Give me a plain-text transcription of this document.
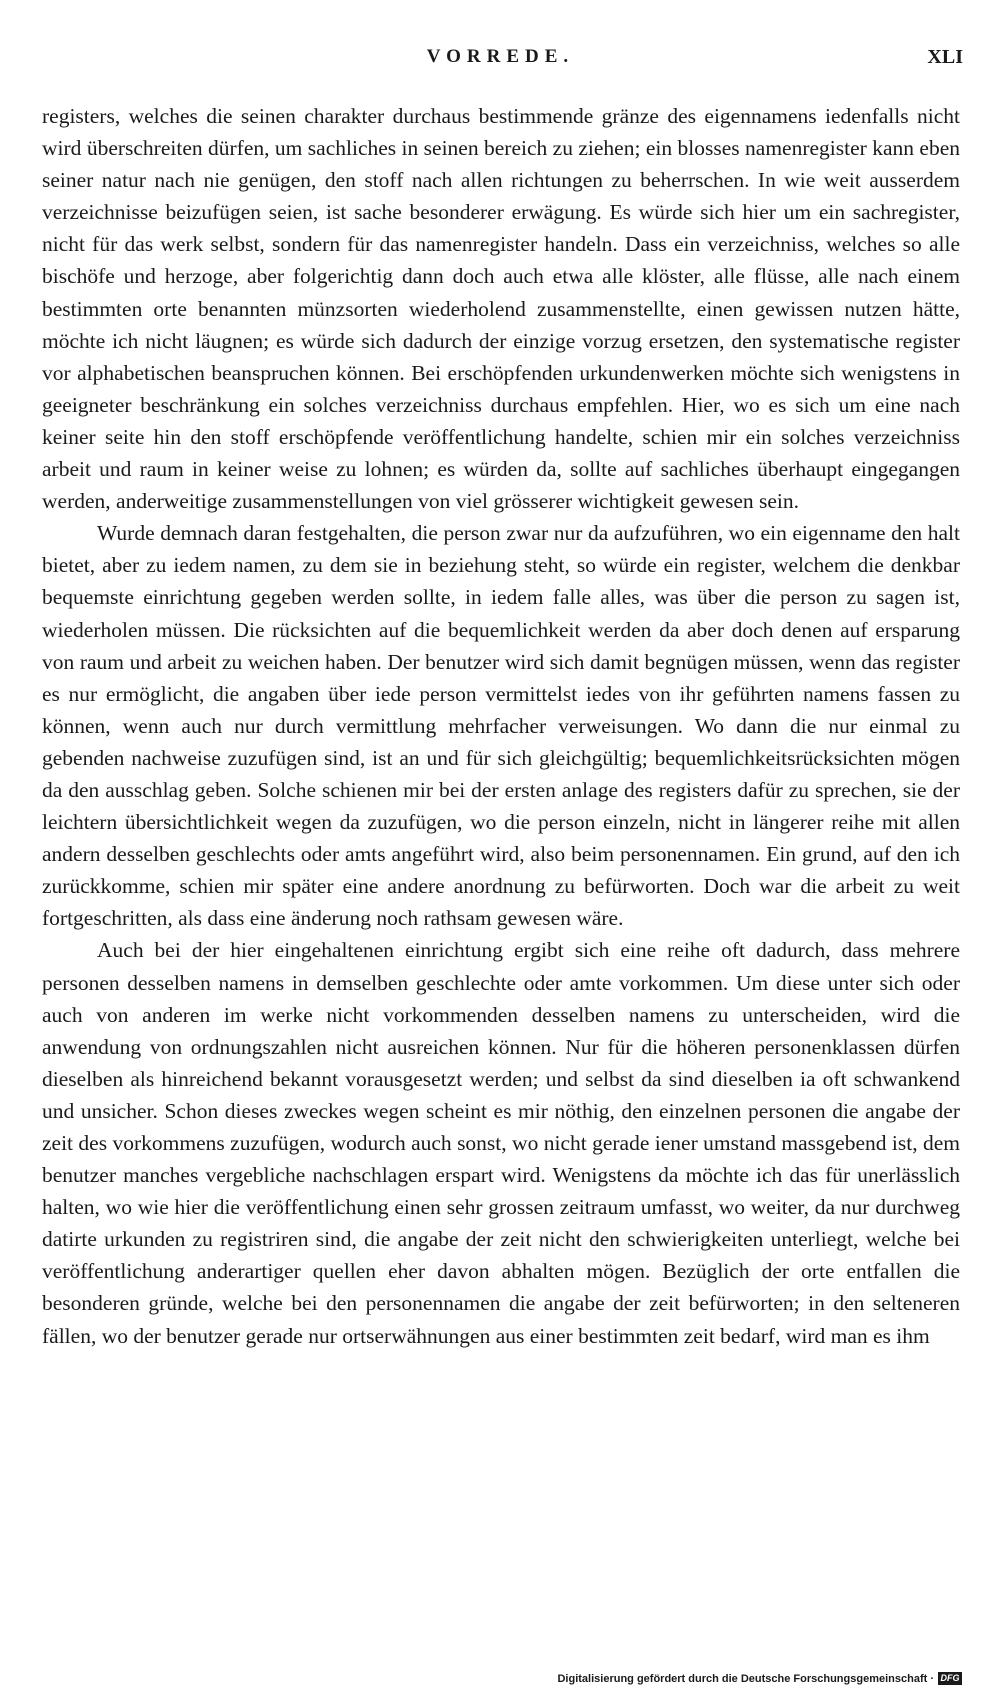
VORREDE.	XLI

registers, welches die seinen charakter durchaus bestimmende gränze des eigennamens iedenfalls nicht wird überschreiten dürfen, um sachliches in seinen bereich zu ziehen; ein blosses namenregister kann eben seiner natur nach nie genügen, den stoff nach allen richtungen zu beherrschen. In wie weit ausserdem verzeichnisse beizufügen seien, ist sache besonderer erwägung. Es würde sich hier um ein sachregister, nicht für das werk selbst, sondern für das namenregister handeln. Dass ein verzeichniss, welches so alle bischöfe und herzoge, aber folgerichtig dann doch auch etwa alle klöster, alle flüsse, alle nach einem bestimmten orte benannten münzsorten wiederholend zusammenstellte, einen gewissen nutzen hätte, möchte ich nicht läugnen; es würde sich dadurch der einzige vorzug ersetzen, den systematische register vor alphabetischen beanspruchen können. Bei erschöpfenden urkundenwerken möchte sich wenigstens in geeigneter beschränkung ein solches verzeichniss durchaus empfehlen. Hier, wo es sich um eine nach keiner seite hin den stoff erschöpfende veröffentlichung handelte, schien mir ein solches verzeichniss arbeit und raum in keiner weise zu lohnen; es würden da, sollte auf sachliches überhaupt eingegangen werden, anderweitige zusammenstellungen von viel grösserer wichtigkeit gewesen sein.

Wurde demnach daran festgehalten, die person zwar nur da aufzuführen, wo ein eigenname den halt bietet, aber zu iedem namen, zu dem sie in beziehung steht, so würde ein register, welchem die denkbar bequemste einrichtung gegeben werden sollte, in iedem falle alles, was über die person zu sagen ist, wiederholen müssen. Die rücksichten auf die bequemlichkeit werden da aber doch denen auf ersparung von raum und arbeit zu weichen haben. Der benutzer wird sich damit begnügen müssen, wenn das register es nur ermöglicht, die angaben über iede person vermittelst iedes von ihr geführten namens fassen zu können, wenn auch nur durch vermittlung mehrfacher verweisungen. Wo dann die nur einmal zu gebenden nachweise zuzufügen sind, ist an und für sich gleichgültig; bequemlichkeitsrücksichten mögen da den ausschlag geben. Solche schienen mir bei der ersten anlage des registers dafür zu sprechen, sie der leichtern übersichtlichkeit wegen da zuzufügen, wo die person einzeln, nicht in längerer reihe mit allen andern desselben geschlechts oder amts angeführt wird, also beim personennamen. Ein grund, auf den ich zurückkomme, schien mir später eine andere anordnung zu befürworten. Doch war die arbeit zu weit fortgeschritten, als dass eine änderung noch rathsam gewesen wäre.

Auch bei der hier eingehaltenen einrichtung ergibt sich eine reihe oft dadurch, dass mehrere personen desselben namens in demselben geschlechte oder amte vorkommen. Um diese unter sich oder auch von anderen im werke nicht vorkommenden desselben namens zu unterscheiden, wird die anwendung von ordnungszahlen nicht ausreichen können. Nur für die höheren personenklassen dürfen dieselben als hinreichend bekannt vorausgesetzt werden; und selbst da sind dieselben ia oft schwankend und unsicher. Schon dieses zweckes wegen scheint es mir nöthig, den einzelnen personen die angabe der zeit des vorkommens zuzufügen, wodurch auch sonst, wo nicht gerade iener umstand massgebend ist, dem benutzer manches vergebliche nachschlagen erspart wird. Wenigstens da möchte ich das für unerlässlich halten, wo wie hier die veröffentlichung einen sehr grossen zeitraum umfasst, wo weiter, da nur durchweg datirte urkunden zu registriren sind, die angabe der zeit nicht den schwierigkeiten unterliegt, welche bei veröffentlichung anderartiger quellen eher davon abhalten mögen. Bezüglich der orte entfallen die besonderen gründe, welche bei den personennamen die angabe der zeit befürworten; in den selteneren fällen, wo der benutzer gerade nur ortserwähnungen aus einer bestimmten zeit bedarf, wird man es ihm

Digitalisierung gefördert durch die Deutsche Forschungsgemeinschaft · DFG
